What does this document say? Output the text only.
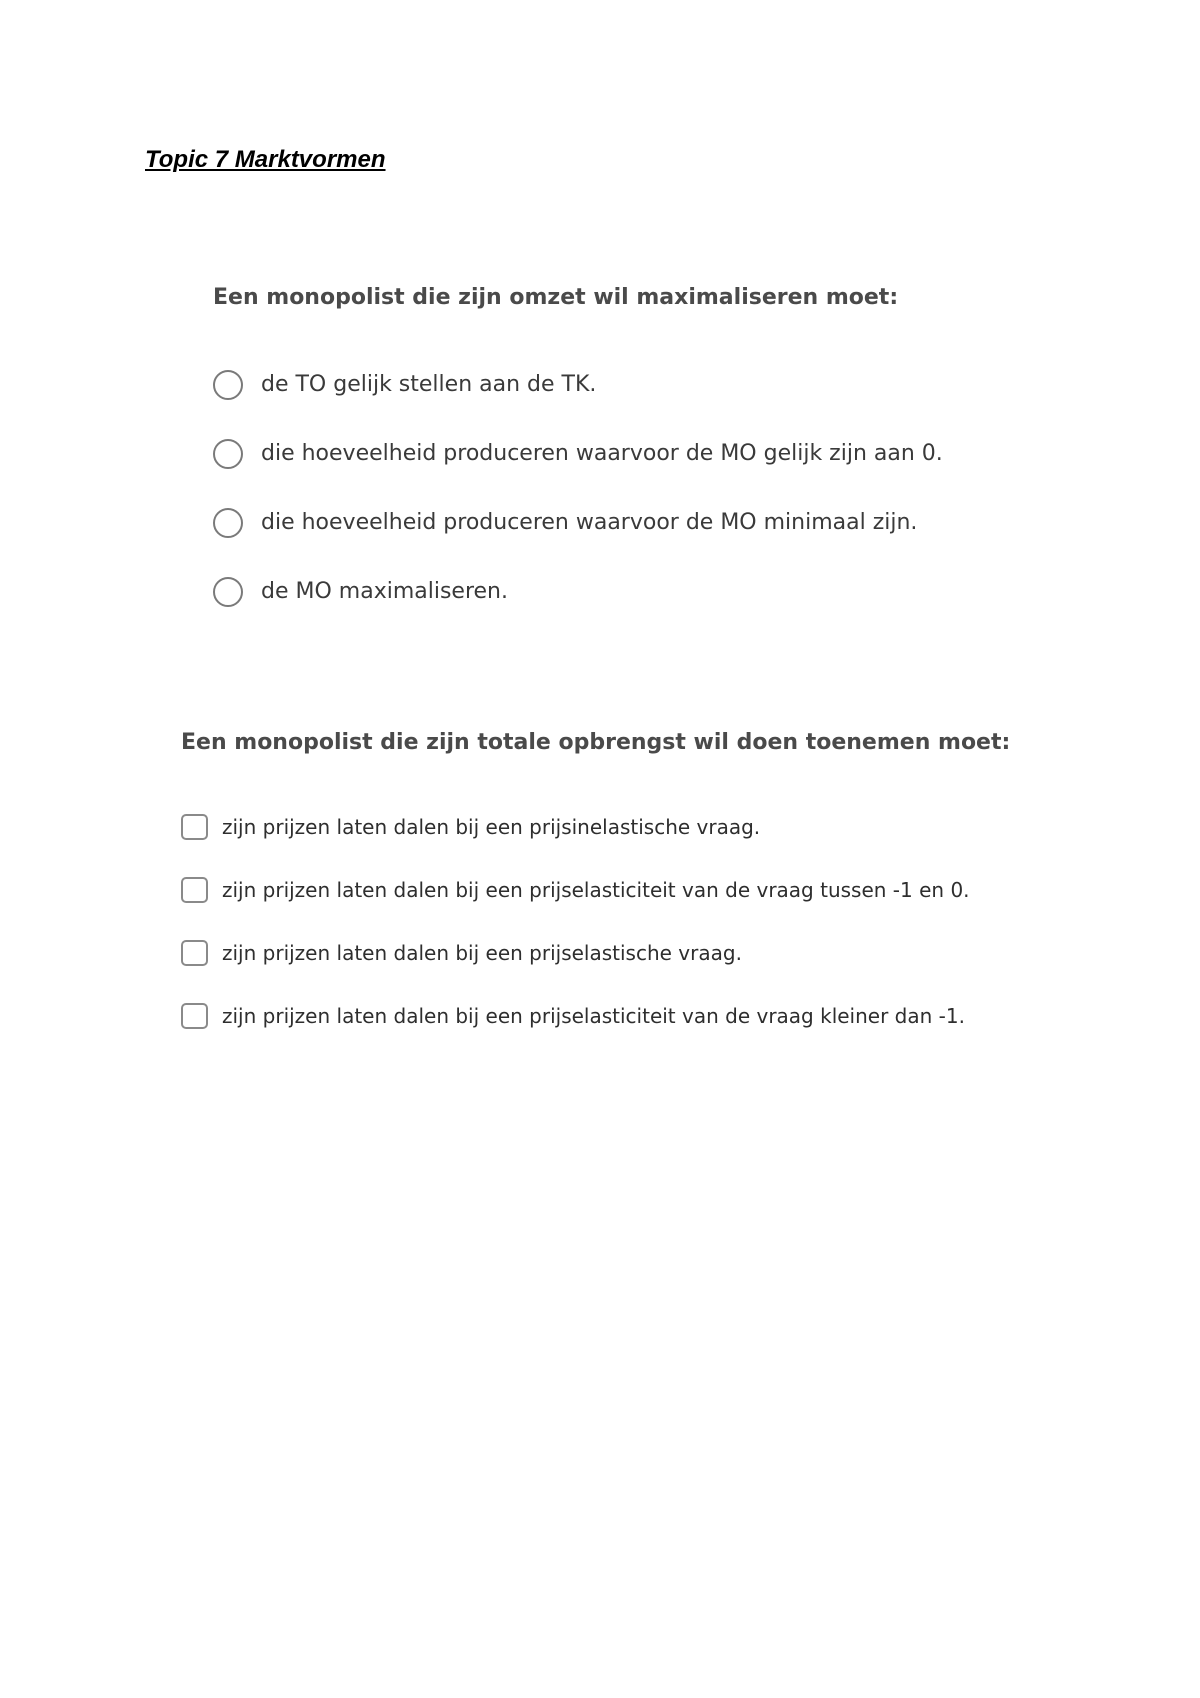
Topic 7 Marktvormen

Een monopolist die zijn omzet wil maximaliseren moet:

de TO gelijk stellen aan de TK.
die hoeveelheid produceren waarvoor de MO gelijk zijn aan 0.
die hoeveelheid produceren waarvoor de MO minimaal zijn.
de MO maximaliseren.

Een monopolist die zijn totale opbrengst wil doen toenemen moet:

zijn prijzen laten dalen bij een prijsinelastische vraag.
zijn prijzen laten dalen bij een prijselasticiteit van de vraag tussen -1 en 0.
zijn prijzen laten dalen bij een prijselastische vraag.
zijn prijzen laten dalen bij een prijselasticiteit van de vraag kleiner dan -1.
